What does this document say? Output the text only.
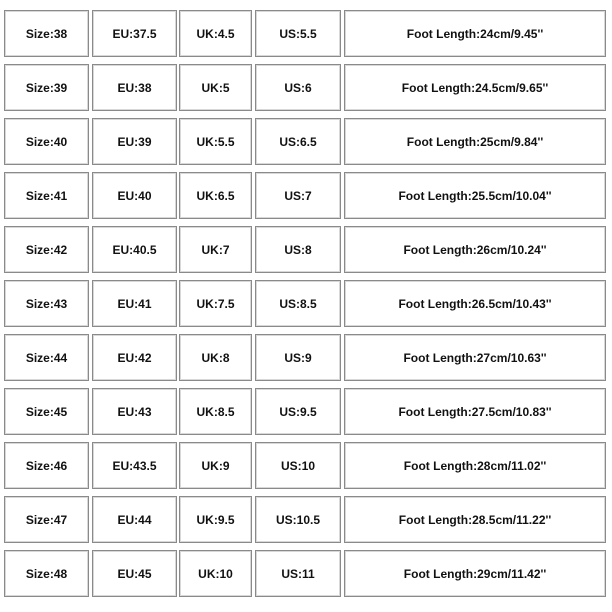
Size:38	EU:37.5	UK:4.5	US:5.5	Foot Length:24cm/9.45''
Size:39	EU:38	UK:5	US:6	Foot Length:24.5cm/9.65''
Size:40	EU:39	UK:5.5	US:6.5	Foot Length:25cm/9.84''
Size:41	EU:40	UK:6.5	US:7	Foot Length:25.5cm/10.04''
Size:42	EU:40.5	UK:7	US:8	Foot Length:26cm/10.24''
Size:43	EU:41	UK:7.5	US:8.5	Foot Length:26.5cm/10.43''
Size:44	EU:42	UK:8	US:9	Foot Length:27cm/10.63''
Size:45	EU:43	UK:8.5	US:9.5	Foot Length:27.5cm/10.83''
Size:46	EU:43.5	UK:9	US:10	Foot Length:28cm/11.02''
Size:47	EU:44	UK:9.5	US:10.5	Foot Length:28.5cm/11.22''
Size:48	EU:45	UK:10	US:11	Foot Length:29cm/11.42''
